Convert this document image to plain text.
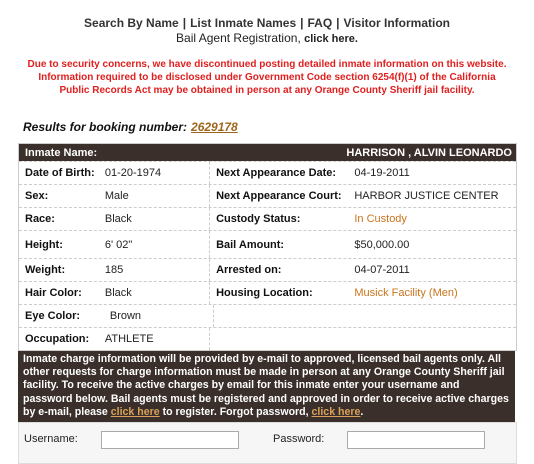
Search By Name | List Inmate Names | FAQ | Visitor Information
Bail Agent Registration, click here.
Due to security concerns, we have discontinued posting detailed inmate information on this website. Information required to be disclosed under Government Code section 6254(f)(1) of the California Public Records Act may be obtained in person at any Orange County Sheriff jail facility.
Results for booking number: 2629178
Inmate Name:	HARRISON , ALVIN LEONARDO
Date of Birth: 01-20-1974	Next Appearance Date:	04-19-2011
Sex:	Male	Next Appearance Court:	HARBOR JUSTICE CENTER
Race:	Black	Custody Status:	In Custody
Height:	6' 02"	Bail Amount:	$50,000.00
Weight:	185	Arrested on:	04-07-2011
Hair Color:	Black	Housing Location:	Musick Facility (Men)
Eye Color:	Brown
Occupation:	ATHLETE
Inmate charge information will be provided by e-mail to approved, licensed bail agents only. All other requests for charge information must be made in person at any Orange County Sheriff jail facility. To receive the active charges by email for this inmate enter your username and password below. Bail agents must be registered and approved in order to receive active charges by e-mail, please click here to register. Forgot password, click here.
Username:	Password:
